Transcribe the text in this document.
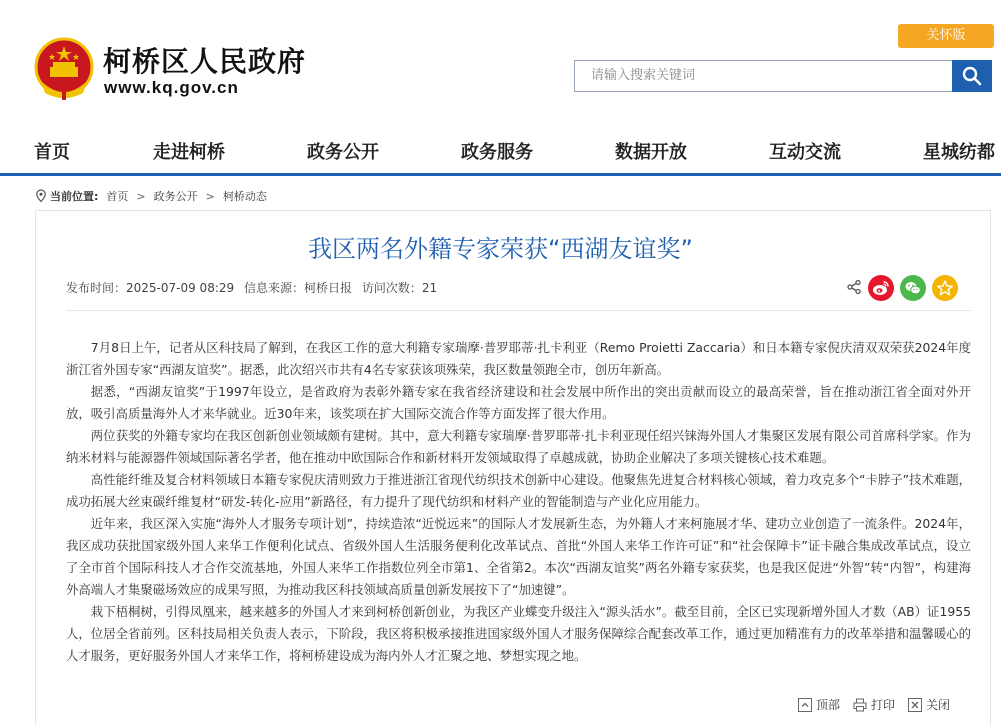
柯桥区人民政府
www.kq.gov.cn
关怀版
请输入搜索关键词
首页	走进柯桥	政务公开	政务服务	数据开放	互动交流	星城纺都
当前位置: 首页 > 政务公开 > 柯桥动态
我区两名外籍专家荣获“西湖友谊奖”
发布时间：2025-07-09 08:29 信息来源：柯桥日报 访问次数：21

7月8日上午，记者从区科技局了解到，在我区工作的意大利籍专家瑞摩·普罗耶蒂·扎卡利亚（Remo Proietti Zaccaria）和日本籍专家倪庆清双双荣获2024年度浙江省外国专家“西湖友谊奖”。据悉，此次绍兴市共有4名专家获该项殊荣，我区数量领跑全市，创历年新高。

据悉，“西湖友谊奖”于1997年设立，是省政府为表彰外籍专家在我省经济建设和社会发展中所作出的突出贡献而设立的最高荣誉，旨在推动浙江省全面对外开放，吸引高质量海外人才来华就业。近30年来，该奖项在扩大国际交流合作等方面发挥了很大作用。

两位获奖的外籍专家均在我区创新创业领域颇有建树。其中，意大利籍专家瑞摩·普罗耶蒂·扎卡利亚现任绍兴铼海外国人才集聚区发展有限公司首席科学家。作为纳米材料与能源器件领域国际著名学者，他在推动中欧国际合作和新材料开发领域取得了卓越成就，协助企业解决了多项关键核心技术难题。

高性能纤维及复合材料领域日本籍专家倪庆清则致力于推进浙江省现代纺织技术创新中心建设。他聚焦先进复合材料核心领域，着力攻克多个“卡脖子”技术难题，成功拓展大丝束碳纤维复材“研发-转化-应用”新路径，有力提升了现代纺织和材料产业的智能制造与产业化应用能力。

近年来，我区深入实施“海外人才服务专项计划”，持续造浓“近悦远来”的国际人才发展新生态，为外籍人才来柯施展才华、建功立业创造了一流条件。2024年，我区成功获批国家级外国人来华工作便利化试点、省级外国人生活服务便利化改革试点、首批“外国人来华工作许可证”和“社会保障卡”证卡融合集成改革试点，设立了全市首个国际科技人才合作交流基地，外国人来华工作指数位列全市第1、全省第2。本次“西湖友谊奖”两名外籍专家获奖，也是我区促进“外智”转“内智”，构建海外高端人才集聚磁场效应的成果写照，为推动我区科技领域高质量创新发展按下了“加速键”。

栽下梧桐树，引得凤凰来，越来越多的外国人才来到柯桥创新创业，为我区产业蝶变升级注入“源头活水”。截至目前，全区已实现新增外国人才数（AB）证1955人，位居全省前列。区科技局相关负责人表示，下阶段，我区将积极承接推进国家级外国人才服务保障综合配套改革工作，通过更加精准有力的改革举措和温馨暖心的人才服务，更好服务外国人才来华工作，将柯桥建设成为海内外人才汇聚之地、梦想实现之地。

顶部	打印	关闭
